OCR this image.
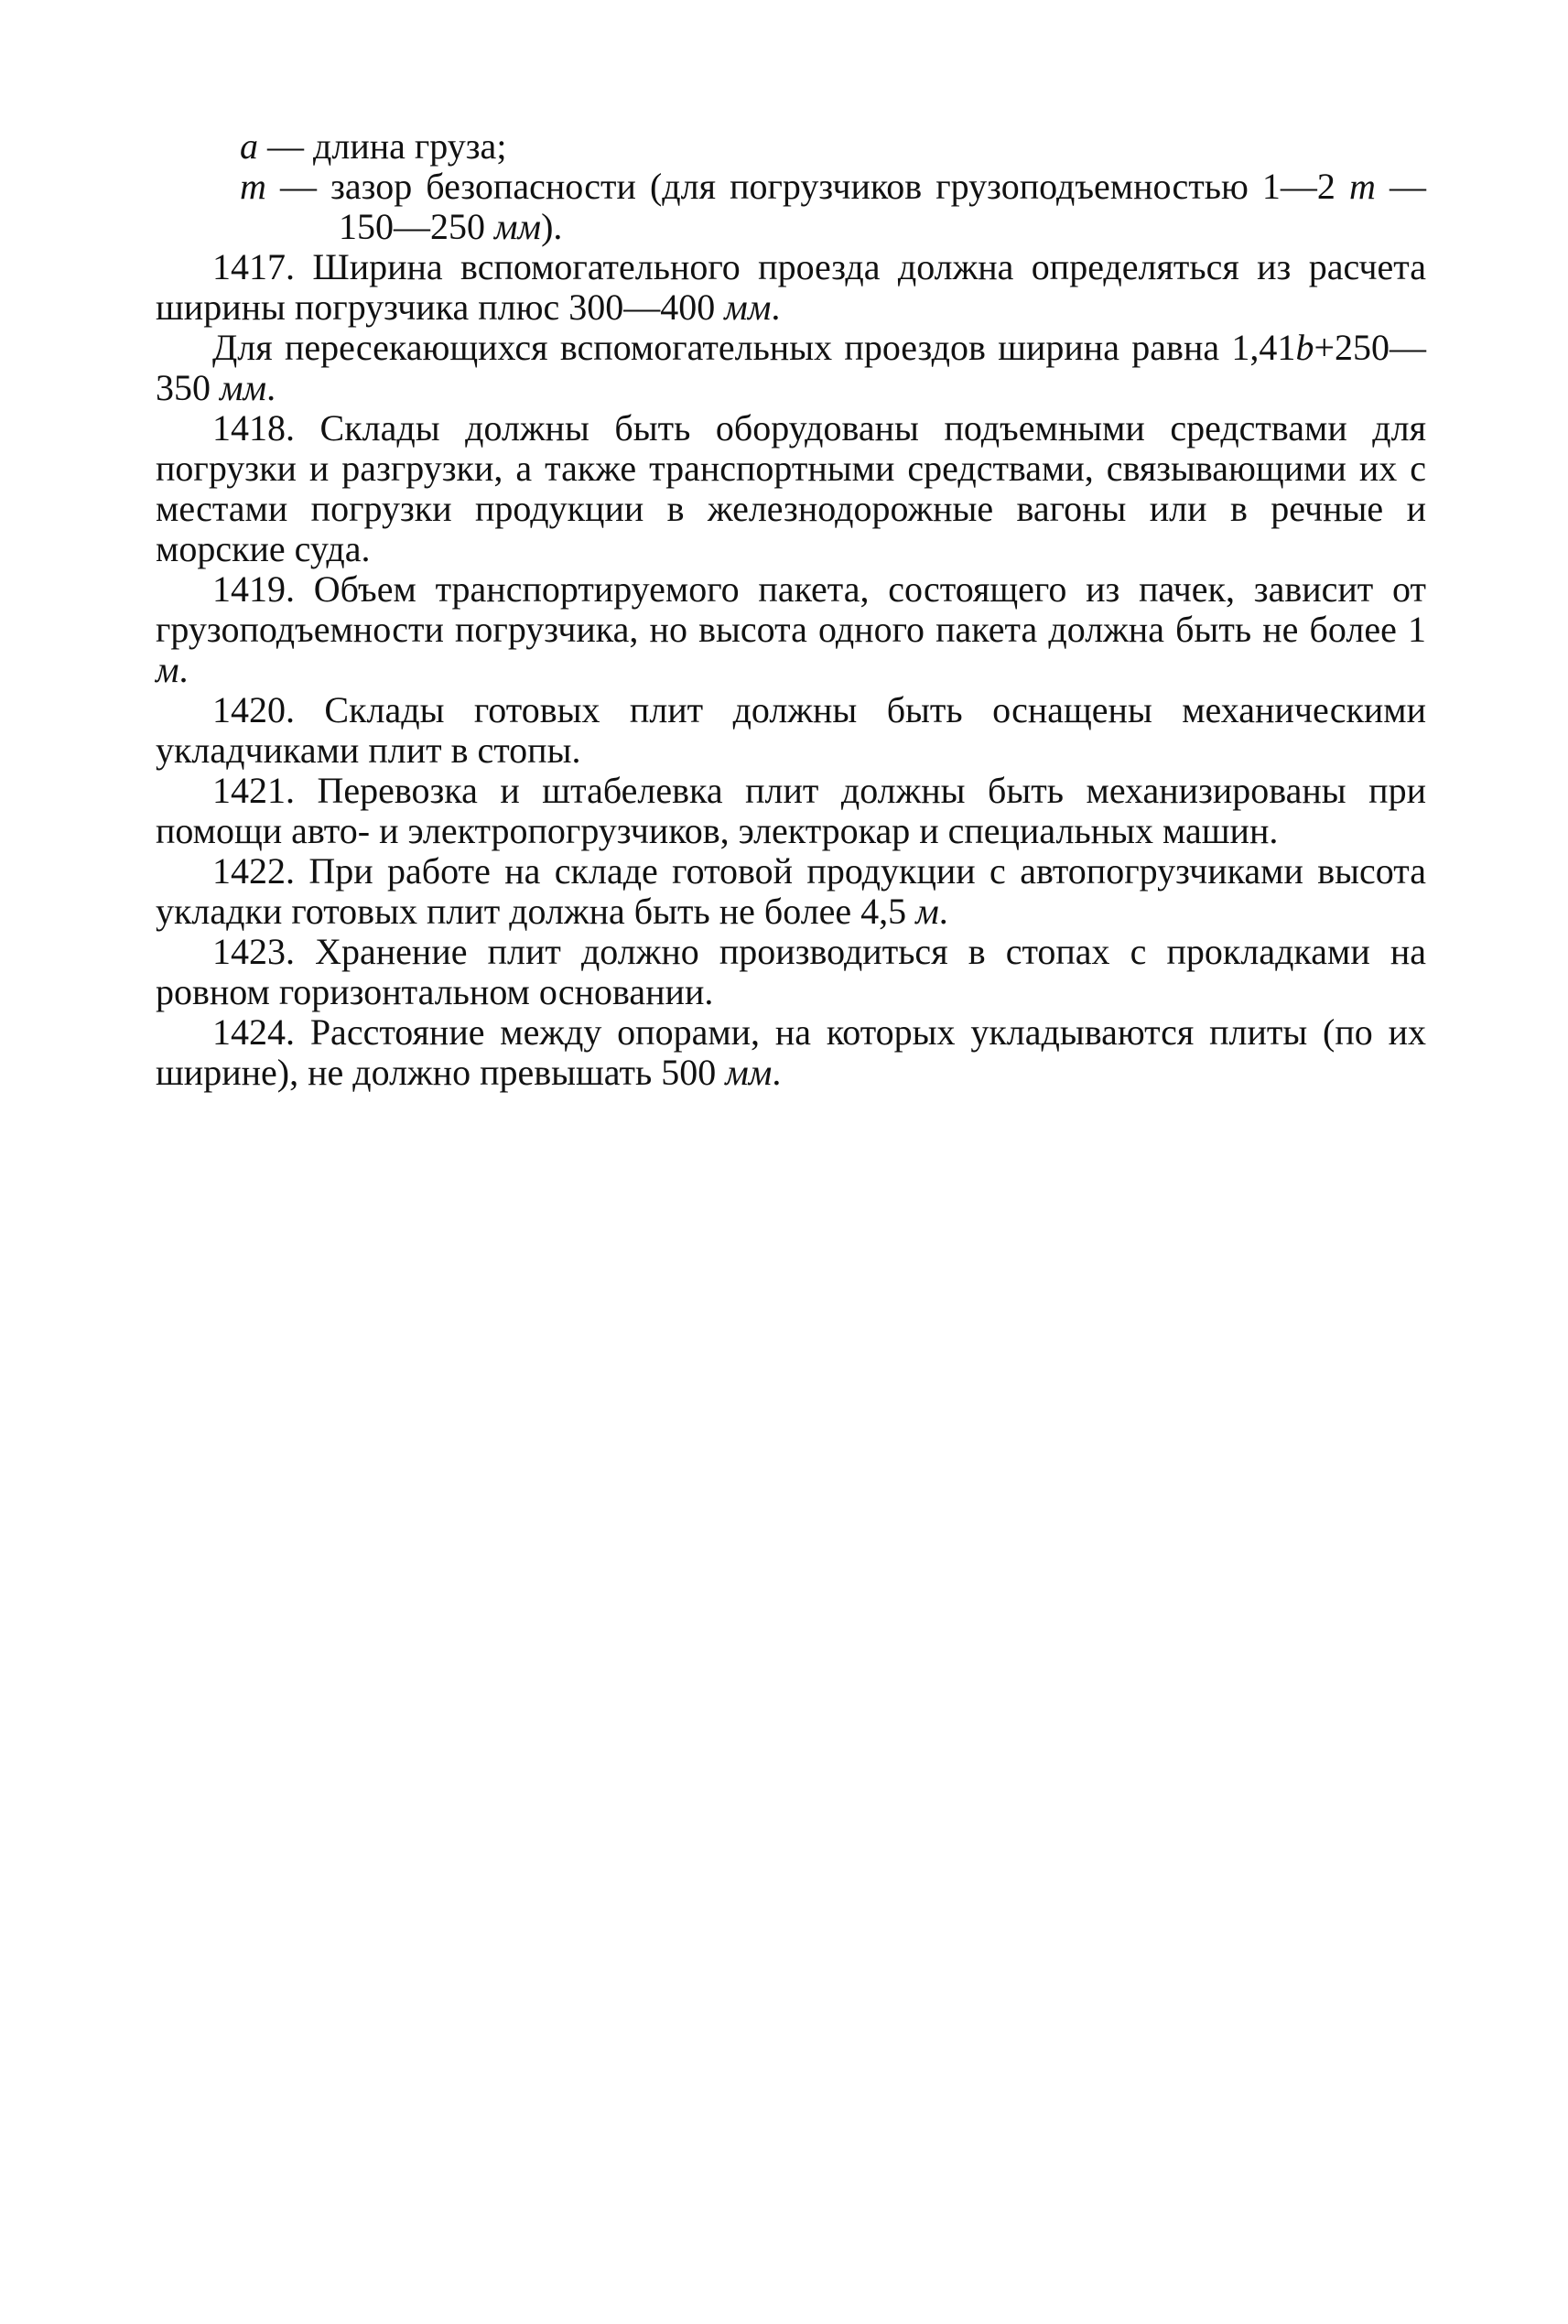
a — длина груза;

m — зазор безопасности (для погрузчиков грузоподъемностью 1—2 т — 150—250 мм).

1417. Ширина вспомогательного проезда должна определяться из расчета ширины погрузчика плюс 300—400 мм.

Для пересекающихся вспомогательных проездов ширина равна 1,41b+250—350 мм.

1418. Склады должны быть оборудованы подъемными средствами для погрузки и разгрузки, а также транспортными средствами, связывающими их с местами погрузки продукции в железнодорожные вагоны или в речные и морские суда.

1419. Объем транспортируемого пакета, состоящего из пачек, зависит от грузоподъемности погрузчика, но высота одного пакета должна быть не более 1 м.

1420. Склады готовых плит должны быть оснащены механическими укладчиками плит в стопы.

1421. Перевозка и штабелевка плит должны быть механизированы при помощи авто- и электропогрузчиков, электрокар и специальных машин.

1422. При работе на складе готовой продукции с автопогрузчиками высота укладки готовых плит должна быть не более 4,5 м.

1423. Хранение плит должно производиться в стопах с прокладками на ровном горизонтальном основании.

1424. Расстояние между опорами, на которых укладываются плиты (по их ширине), не должно превышать 500 мм.
